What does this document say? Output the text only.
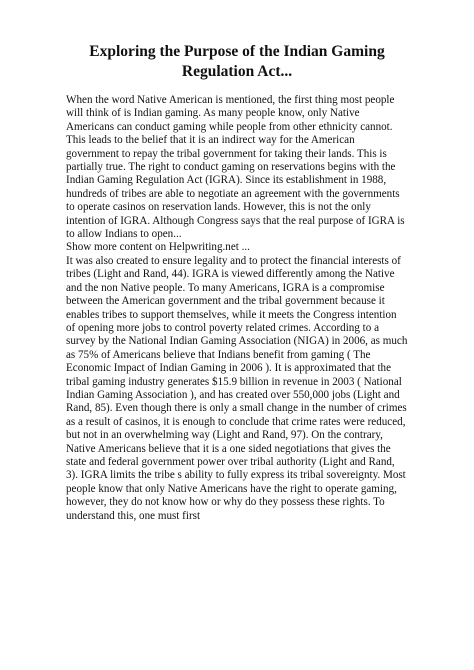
Exploring the Purpose of the Indian Gaming Regulation Act...

When the word Native American is mentioned, the first thing most people will think of is Indian gaming. As many people know, only Native Americans can conduct gaming while people from other ethnicity cannot. This leads to the belief that it is an indirect way for the American government to repay the tribal government for taking their lands. This is partially true. The right to conduct gaming on reservations begins with the Indian Gaming Regulation Act (IGRA). Since its establishment in 1988, hundreds of tribes are able to negotiate an agreement with the governments to operate casinos on reservation lands. However, this is not the only intention of IGRA. Although Congress says that the real purpose of IGRA is to allow Indians to open...

Show more content on Helpwriting.net ...

It was also created to ensure legality and to protect the financial interests of tribes (Light and Rand, 44). IGRA is viewed differently among the Native and the non Native people. To many Americans, IGRA is a compromise between the American government and the tribal government because it enables tribes to support themselves, while it meets the Congress intention of opening more jobs to control poverty related crimes. According to a survey by the National Indian Gaming Association (NIGA) in 2006, as much as 75% of Americans believe that Indians benefit from gaming ( The Economic Impact of Indian Gaming in 2006 ). It is approximated that the tribal gaming industry generates $15.9 billion in revenue in 2003 ( National Indian Gaming Association ), and has created over 550,000 jobs (Light and Rand, 85). Even though there is only a small change in the number of crimes as a result of casinos, it is enough to conclude that crime rates were reduced, but not in an overwhelming way (Light and Rand, 97). On the contrary, Native Americans believe that it is a one sided negotiations that gives the state and federal government power over tribal authority (Light and Rand, 3). IGRA limits the tribe s ability to fully express its tribal sovereignty. Most people know that only Native Americans have the right to operate gaming, however, they do not know how or why do they possess these rights. To understand this, one must first
